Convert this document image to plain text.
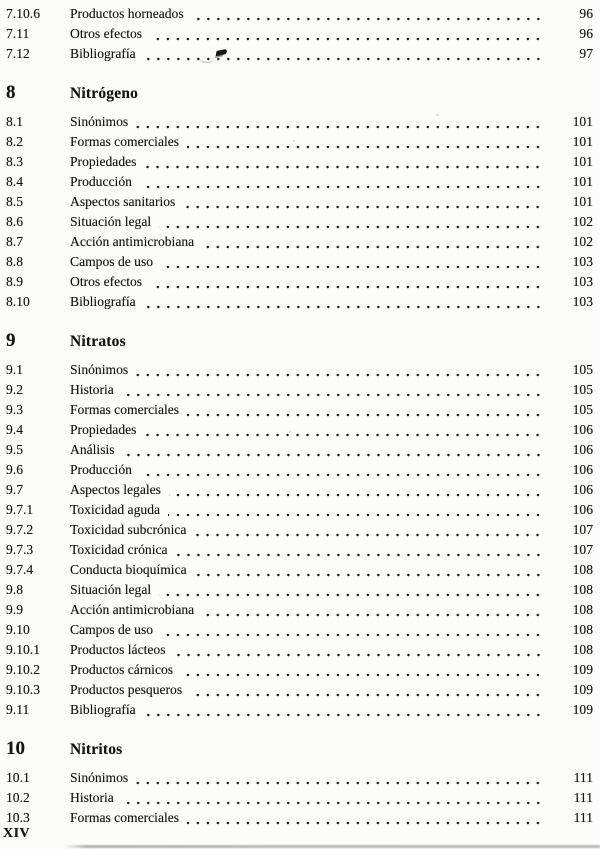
7.10.6	Productos horneados	96
7.11	Otros efectos	96
7.12	Bibliografía	97
8	Nitrógeno
8.1	Sinónimos	101
8.2	Formas comerciales	101
8.3	Propiedades	101
8.4	Producción	101
8.5	Aspectos sanitarios	101
8.6	Situación legal	102
8.7	Acción antimicrobiana	102
8.8	Campos de uso	103
8.9	Otros efectos	103
8.10	Bibliografía	103
9	Nitratos
9.1	Sinónimos	105
9.2	Historia	105
9.3	Formas comerciales	105
9.4	Propiedades	106
9.5	Análisis	106
9.6	Producción	106
9.7	Aspectos legales	106
9.7.1	Toxicidad aguda	106
9.7.2	Toxicidad subcrónica	107
9.7.3	Toxicidad crónica	107
9.7.4	Conducta bioquímica	108
9.8	Situación legal	108
9.9	Acción antimicrobiana	108
9.10	Campos de uso	108
9.10.1	Productos lácteos	108
9.10.2	Productos cárnicos	109
9.10.3	Productos pesqueros	109
9.11	Bibliografía	109
10	Nitritos
10.1	Sinónimos	111
10.2	Historia	111
10.3	Formas comerciales	111
XIV
